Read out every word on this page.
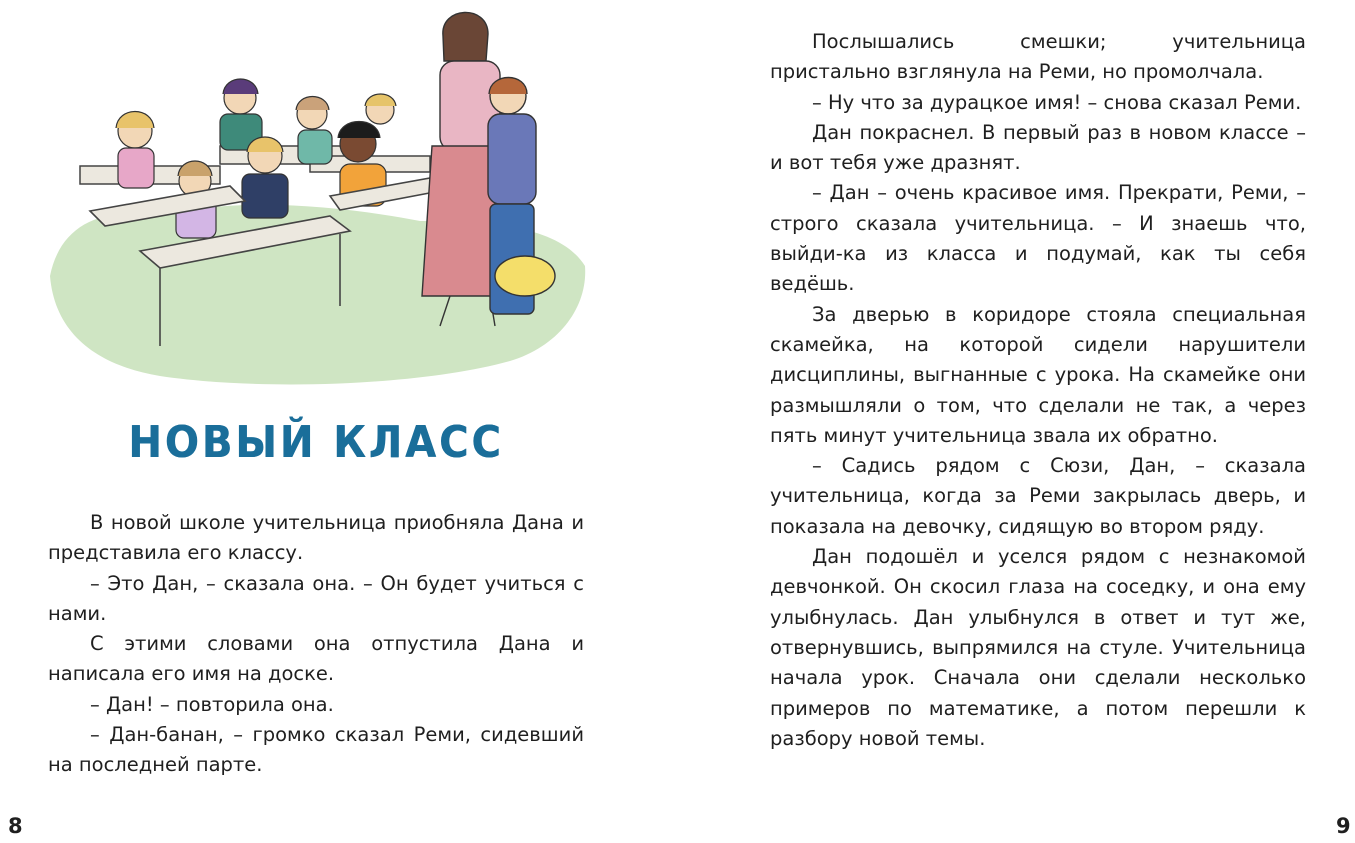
НОВЫЙ КЛАСС

В новой школе учительница приобняла Дана и представила его классу.

– Это Дан, – сказала она. – Он будет учиться с нами.

С этими словами она отпустила Дана и написала его имя на доске.

– Дан! – повторила она.

– Дан-банан, – громко сказал Реми, сидевший на последней парте.

8

Послышались смешки; учительница пристально взглянула на Реми, но промолчала.

– Ну что за дурацкое имя! – снова сказал Реми.

Дан покраснел. В первый раз в новом классе – и вот тебя уже дразнят.

– Дан – очень красивое имя. Прекрати, Реми, – строго сказала учительница. – И знаешь что, выйди-ка из класса и подумай, как ты себя ведёшь.

За дверью в коридоре стояла специальная скамейка, на которой сидели нарушители дисциплины, выгнанные с урока. На скамейке они размышляли о том, что сделали не так, а через пять минут учительница звала их обратно.

– Садись рядом с Сюзи, Дан, – сказала учительница, когда за Реми закрылась дверь, и показала на девочку, сидящую во втором ряду.

Дан подошёл и уселся рядом с незнакомой девчонкой. Он скосил глаза на соседку, и она ему улыбнулась. Дан улыбнулся в ответ и тут же, отвернувшись, выпрямился на стуле. Учительница начала урок. Сначала они сделали несколько примеров по математике, а потом перешли к разбору новой темы.

9
